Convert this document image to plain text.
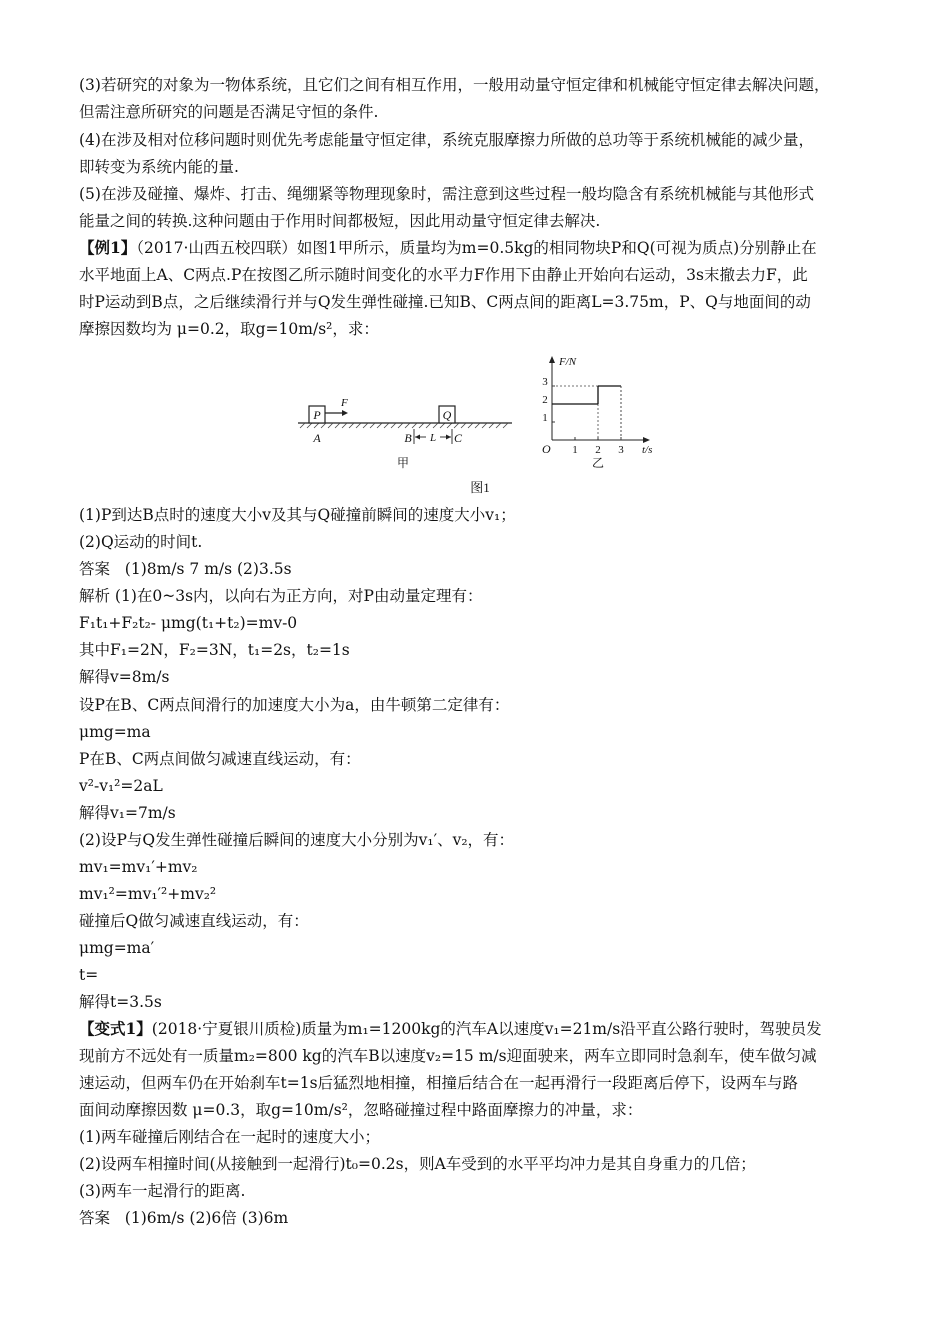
(3)若研究的对象为一物体系统，且它们之间有相互作用，一般用动量守恒定律和机械能守恒定律去解决问题，
但需注意所研究的问题是否满足守恒的条件.
(4)在涉及相对位移问题时则优先考虑能量守恒定律，系统克服摩擦力所做的总功等于系统机械能的减少量，
即转变为系统内能的量.
(5)在涉及碰撞、爆炸、打击、绳绷紧等物理现象时，需注意到这些过程一般均隐含有系统机械能与其他形式
能量之间的转换.这种问题由于作用时间都极短，因此用动量守恒定律去解决.
【例1】（2017·山西五校四联）如图1甲所示，质量均为m=0.5kg的相同物块P和Q(可视为质点)分别静止在
水平地面上A、C两点.P在按图乙所示随时间变化的水平力F作用下由静止开始向右运动，3s末撤去力F，此
时P运动到B点，之后继续滑行并与Q发生弹性碰撞.已知B、C两点间的距离L=3.75m，P、Q与地面间的动
摩擦因数均为 μ=0.2，取g=10m/s²，求：
P
F
Q
A	B L C
甲
F/N
t/s
O
3
2
1
1 2 3
乙
图1
(1)P到达B点时的速度大小v及其与Q碰撞前瞬间的速度大小v₁；
(2)Q运动的时间t.
答案 (1)8m/s 7 m/s (2)3.5s
解析 (1)在0~3s内，以向右为正方向，对P由动量定理有：
F₁t₁+F₂t₂- μmg(t₁+t₂)=mv-0
其中F₁=2N，F₂=3N，t₁=2s，t₂=1s
解得v=8m/s
设P在B、C两点间滑行的加速度大小为a，由牛顿第二定律有：
μmg=ma
P在B、C两点间做匀减速直线运动，有：
v²-v₁²=2aL
解得v₁=7m/s
(2)设P与Q发生弹性碰撞后瞬间的速度大小分别为v₁′、v₂，有：
mv₁=mv₁′+mv₂
mv₁²=mv₁′²+mv₂²
碰撞后Q做匀减速直线运动，有：
μmg=ma′
t=
解得t=3.5s
【变式1】(2018·宁夏银川质检)质量为m₁=1200kg的汽车A以速度v₁=21m/s沿平直公路行驶时，驾驶员发
现前方不远处有一质量m₂=800 kg的汽车B以速度v₂=15 m/s迎面驶来，两车立即同时急刹车，使车做匀减
速运动，但两车仍在开始刹车t=1s后猛烈地相撞，相撞后结合在一起再滑行一段距离后停下，设两车与路
面间动摩擦因数 μ=0.3，取g=10m/s²，忽略碰撞过程中路面摩擦力的冲量，求：
(1)两车碰撞后刚结合在一起时的速度大小；
(2)设两车相撞时间(从接触到一起滑行)t₀=0.2s，则A车受到的水平平均冲力是其自身重力的几倍；
(3)两车一起滑行的距离.
答案 (1)6m/s (2)6倍 (3)6m
